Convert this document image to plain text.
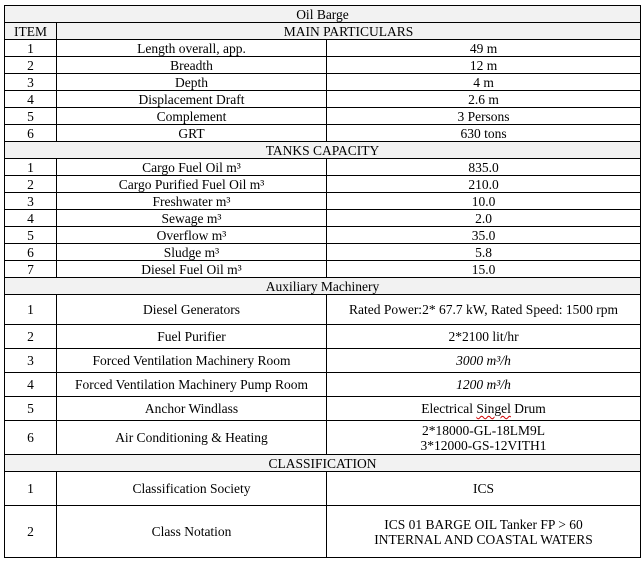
Oil Barge		
ITEM	MAIN PARTICULARS	
1	Length overall, app.	49 m
2	Breadth	12 m
3	Depth	4 m
4	Displacement Draft	2.6 m
5	Complement	3 Persons
6	GRT	630 tons
TANKS CAPACITY		
1	Cargo Fuel Oil m³	835.0
2	Cargo Purified Fuel Oil m³	210.0
3	Freshwater m³	10.0
4	Sewage m³	2.0
5	Overflow m³	35.0
6	Sludge m³	5.8
7	Diesel Fuel Oil m³	15.0
Auxiliary Machinery		
1	Diesel Generators	Rated Power:2* 67.7 kW, Rated Speed: 1500 rpm
2	Fuel Purifier	2*2100 lit/hr
3	Forced Ventilation Machinery Room	3000 m³/h
4	Forced Ventilation Machinery Pump Room	1200 m³/h
5	Anchor Windlass	Electrical Singel Drum
6	Air Conditioning & Heating	2*18000-GL-18LM9L
3*12000-GS-12VITH1

CLASSIFICATION		
1	Classification Society	ICS
2	Class Notation	ICS 01 BARGE OIL Tanker FP > 60
INTERNAL AND COASTAL WATERS
